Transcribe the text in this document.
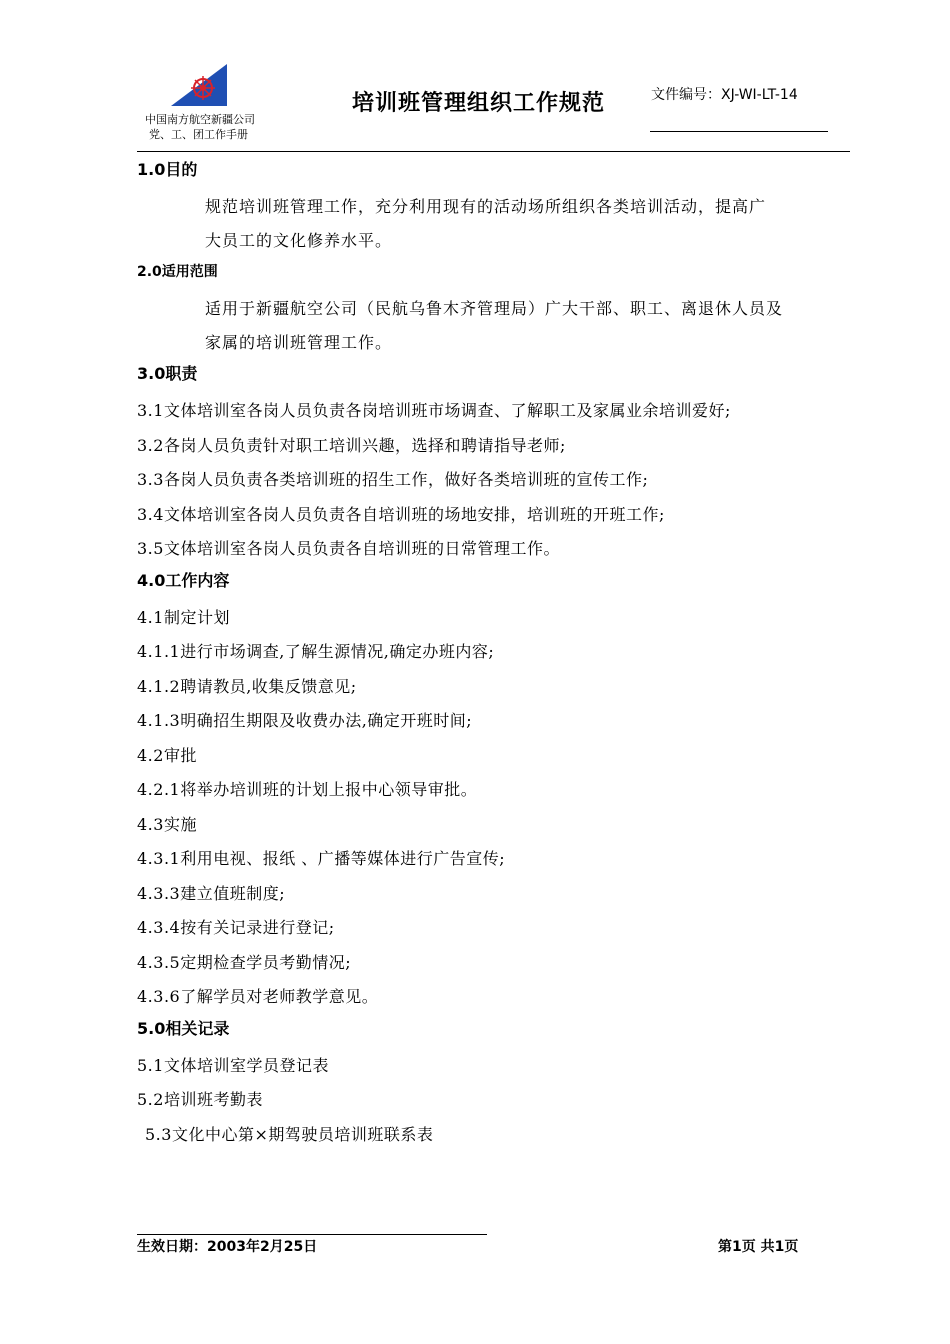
中国南方航空新疆公司
党、工、团工作手册
培训班管理组织工作规范	文件编号：XJ-WI-LT-14
1.0目的
规范培训班管理工作，充分利用现有的活动场所组织各类培训活动，提高广
大员工的文化修养水平。
2.0适用范围
适用于新疆航空公司（民航乌鲁木齐管理局）广大干部、职工、离退休人员及
家属的培训班管理工作。
3.0职责
3.1文体培训室各岗人员负责各岗培训班市场调查、了解职工及家属业余培训爱好;
3.2各岗人员负责针对职工培训兴趣，选择和聘请指导老师;
3.3各岗人员负责各类培训班的招生工作，做好各类培训班的宣传工作;
3.4文体培训室各岗人员负责各自培训班的场地安排，培训班的开班工作;
3.5文体培训室各岗人员负责各自培训班的日常管理工作。
4.0工作内容
4.1制定计划
4.1.1进行市场调查,了解生源情况,确定办班内容;
4.1.2聘请教员,收集反馈意见;
4.1.3明确招生期限及收费办法,确定开班时间;
4.2审批
4.2.1将举办培训班的计划上报中心领导审批。
4.3实施
4.3.1利用电视、报纸 、广播等媒体进行广告宣传;
4.3.3建立值班制度;
4.3.4按有关记录进行登记;
4.3.5定期检查学员考勤情况;
4.3.6了解学员对老师教学意见。
5.0相关记录
5.1文体培训室学员登记表
5.2培训班考勤表
5.3文化中心第×期驾驶员培训班联系表
生效日期：2003年2月25日	第1页 共1页
